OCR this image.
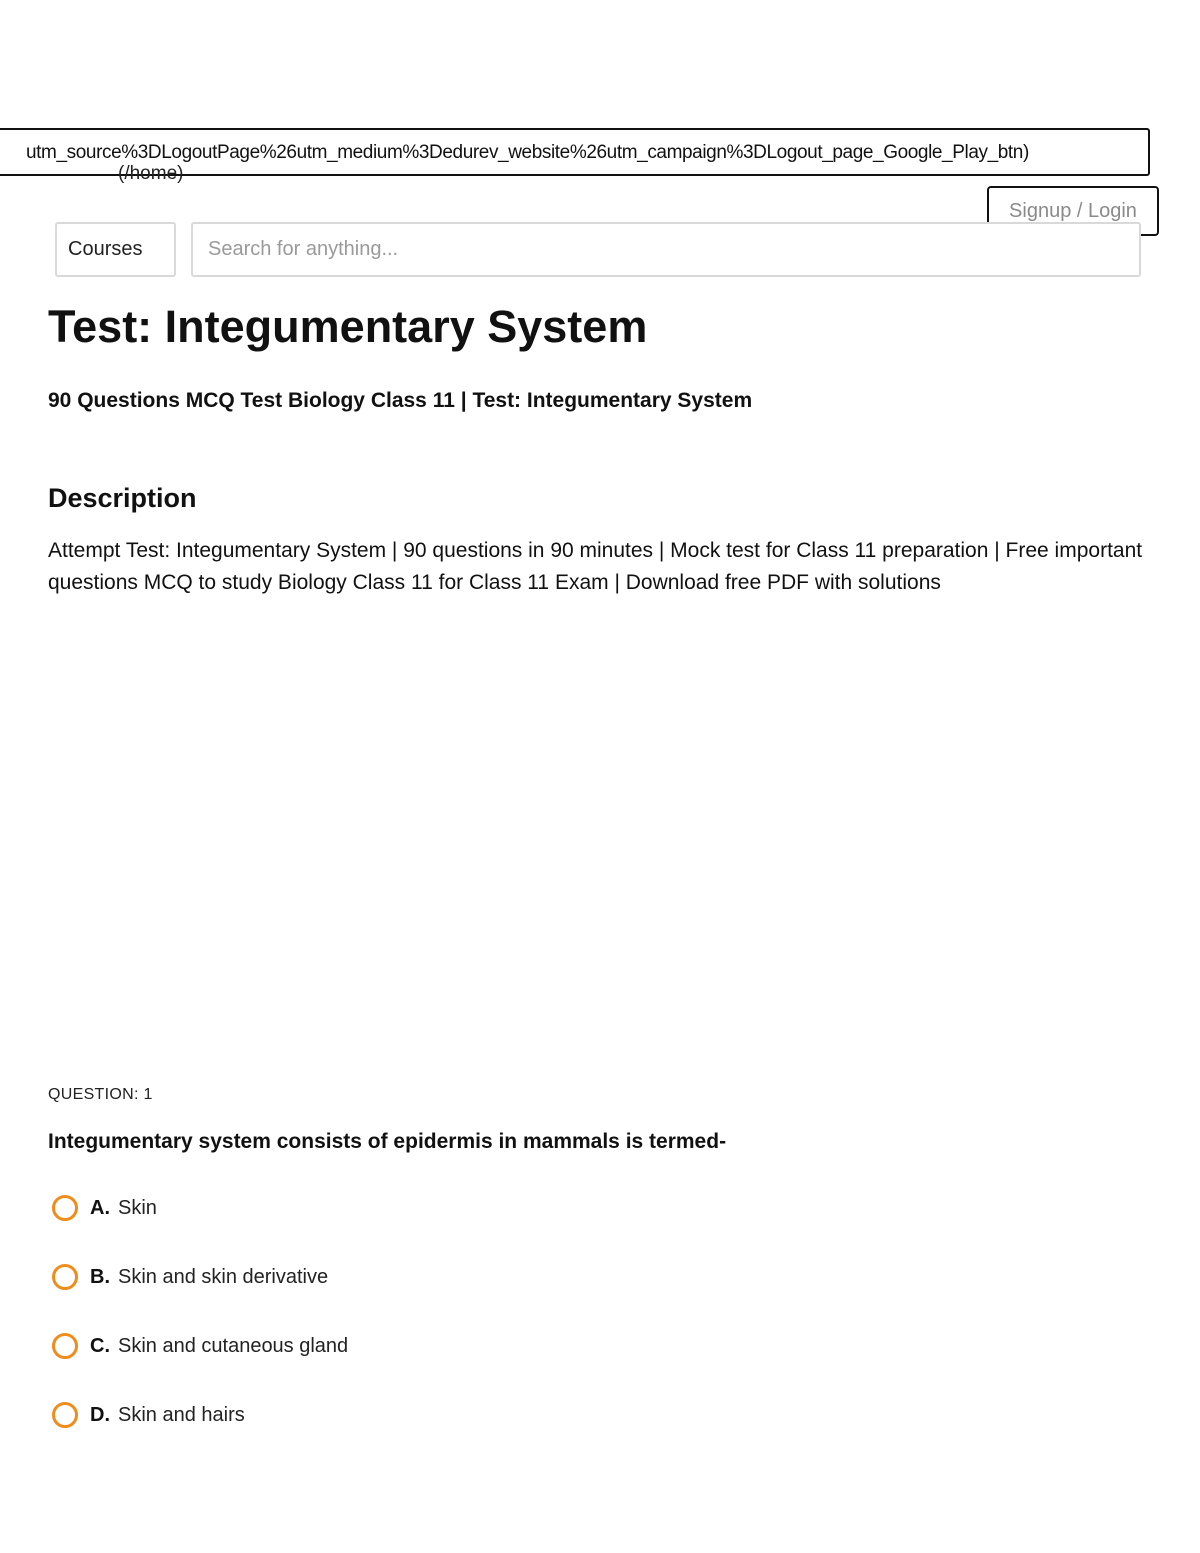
utm_source%3DLogoutPage%26utm_medium%3Dedurev_website%26utm_campaign%3DLogout_page_Google_Play_btn)
(/home)
Signup / Login
Courses
Search for anything...
Test: Integumentary System

90 Questions MCQ Test Biology Class 11 | Test: Integumentary System

Description

Attempt Test: Integumentary System | 90 questions in 90 minutes | Mock test for Class 11 preparation | Free important questions MCQ to study Biology Class 11 for Class 11 Exam | Download free PDF with solutions

QUESTION: 1

Integumentary system consists of epidermis in mammals is termed-

A. Skin
B. Skin and skin derivative
C. Skin and cutaneous gland
D. Skin and hairs
